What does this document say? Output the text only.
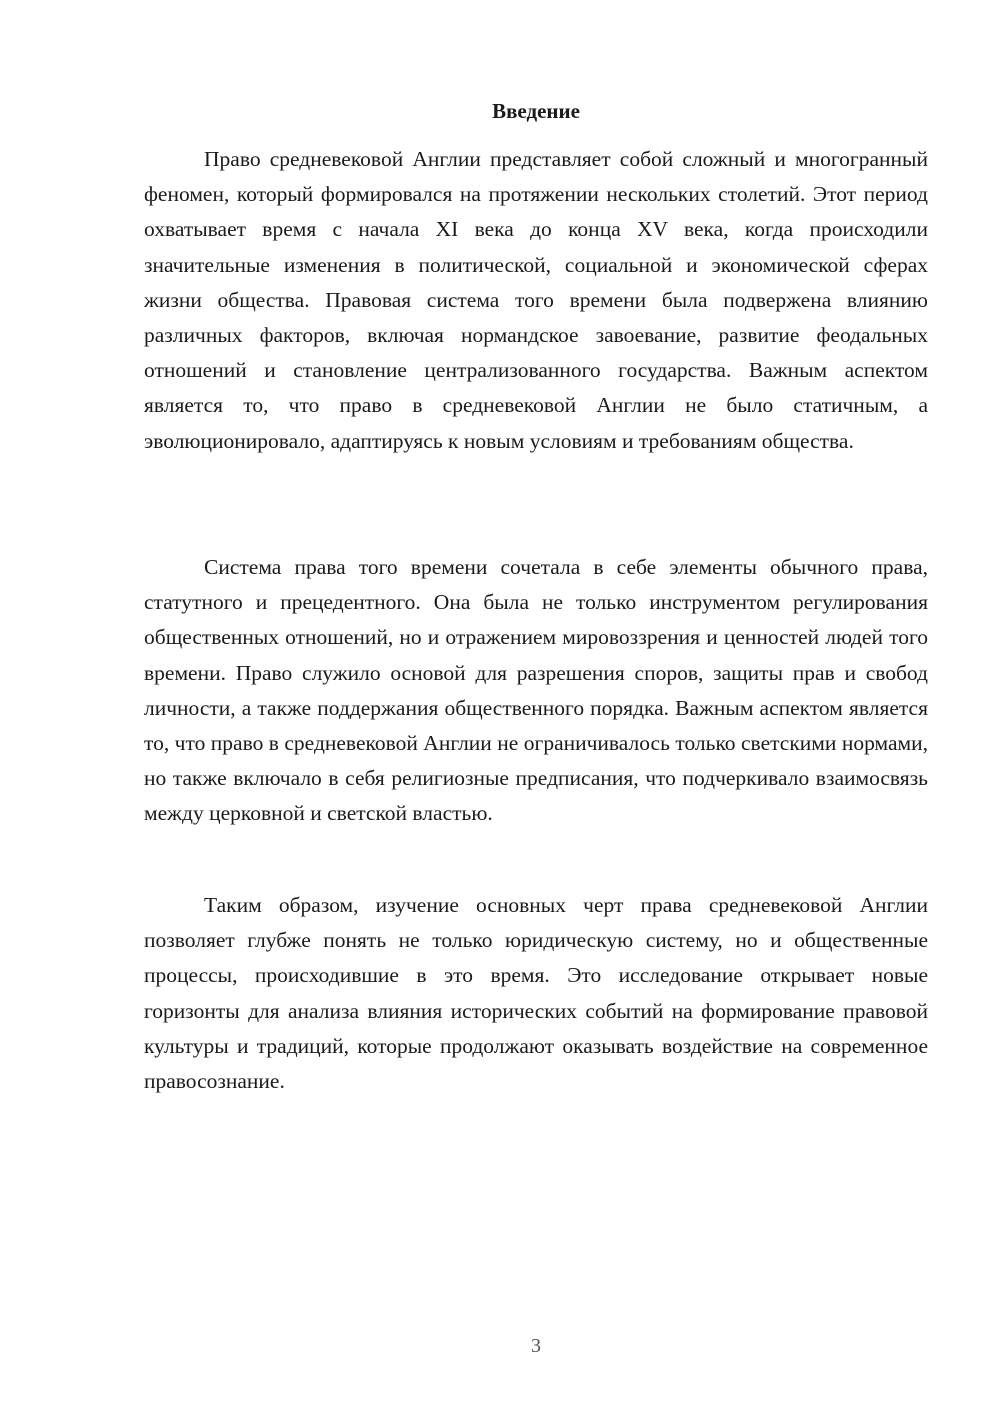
Введение

Право средневековой Англии представляет собой сложный и многогранный феномен, который формировался на протяжении нескольких столетий. Этот период охватывает время с начала XI века до конца XV века, когда происходили значительные изменения в политической, социальной и экономической сферах жизни общества. Правовая система того времени была подвержена влиянию различных факторов, включая нормандское завоевание, развитие феодальных отношений и становление централизованного государства. Важным аспектом является то, что право в средневековой Англии не было статичным, а эволюционировало, адаптируясь к новым условиям и требованиям общества.

Система права того времени сочетала в себе элементы обычного права, статутного и прецедентного. Она была не только инструментом регулирования общественных отношений, но и отражением мировоззрения и ценностей людей того времени. Право служило основой для разрешения споров, защиты прав и свобод личности, а также поддержания общественного порядка. Важным аспектом является то, что право в средневековой Англии не ограничивалось только светскими нормами, но также включало в себя религиозные предписания, что подчеркивало взаимосвязь между церковной и светской властью.

Таким образом, изучение основных черт права средневековой Англии позволяет глубже понять не только юридическую систему, но и общественные процессы, происходившие в это время. Это исследование открывает новые горизонты для анализа влияния исторических событий на формирование правовой культуры и традиций, которые продолжают оказывать воздействие на современное правосознание.

3
